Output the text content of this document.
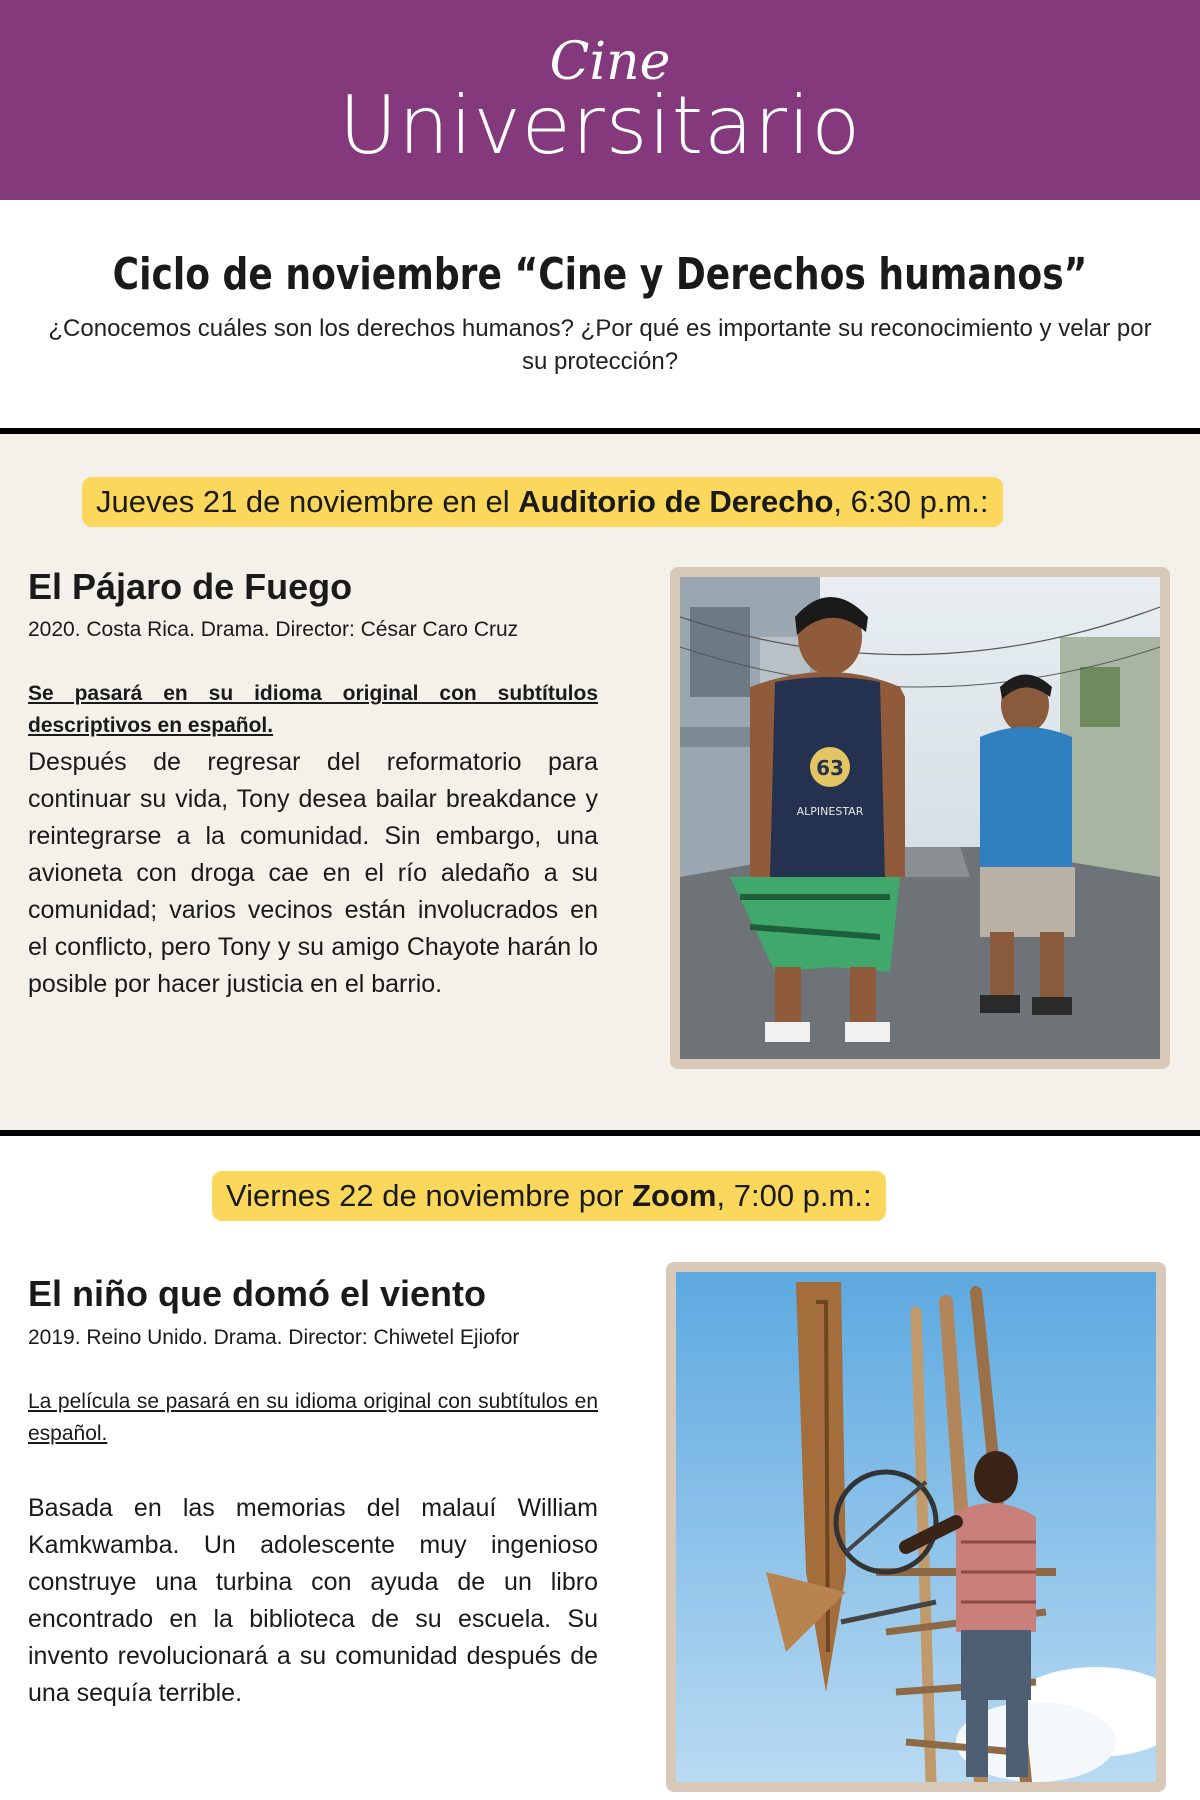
Cine
Universitario
Ciclo de noviembre “Cine y Derechos humanos”
¿Conocemos cuáles son los derechos humanos? ¿Por qué es importante su reconocimiento y velar por su protección?
Jueves 21 de noviembre en el Auditorio de Derecho, 6:30 p.m.:
El Pájaro de Fuego
2020. Costa Rica. Drama. Director: César Caro Cruz
Se pasará en su idioma original con subtítulos descriptivos en español.
Después de regresar del reformatorio para continuar su vida, Tony desea bailar breakdance y reintegrarse a la comunidad. Sin embargo, una avioneta con droga cae en el río aledaño a su comunidad; varios vecinos están involucrados en el conflicto, pero Tony y su amigo Chayote harán lo posible por hacer justicia en el barrio.
63
ALPINESTAR
Viernes 22 de noviembre por Zoom, 7:00 p.m.:
El niño que domó el viento
2019. Reino Unido. Drama. Director: Chiwetel Ejiofor
La película se pasará en su idioma original con subtítulos en español.
Basada en las memorias del malauí William Kamkwamba. Un adolescente muy ingenioso construye una turbina con ayuda de un libro encontrado en la biblioteca de su escuela. Su invento revolucionará a su comunidad después de una sequía terrible.
